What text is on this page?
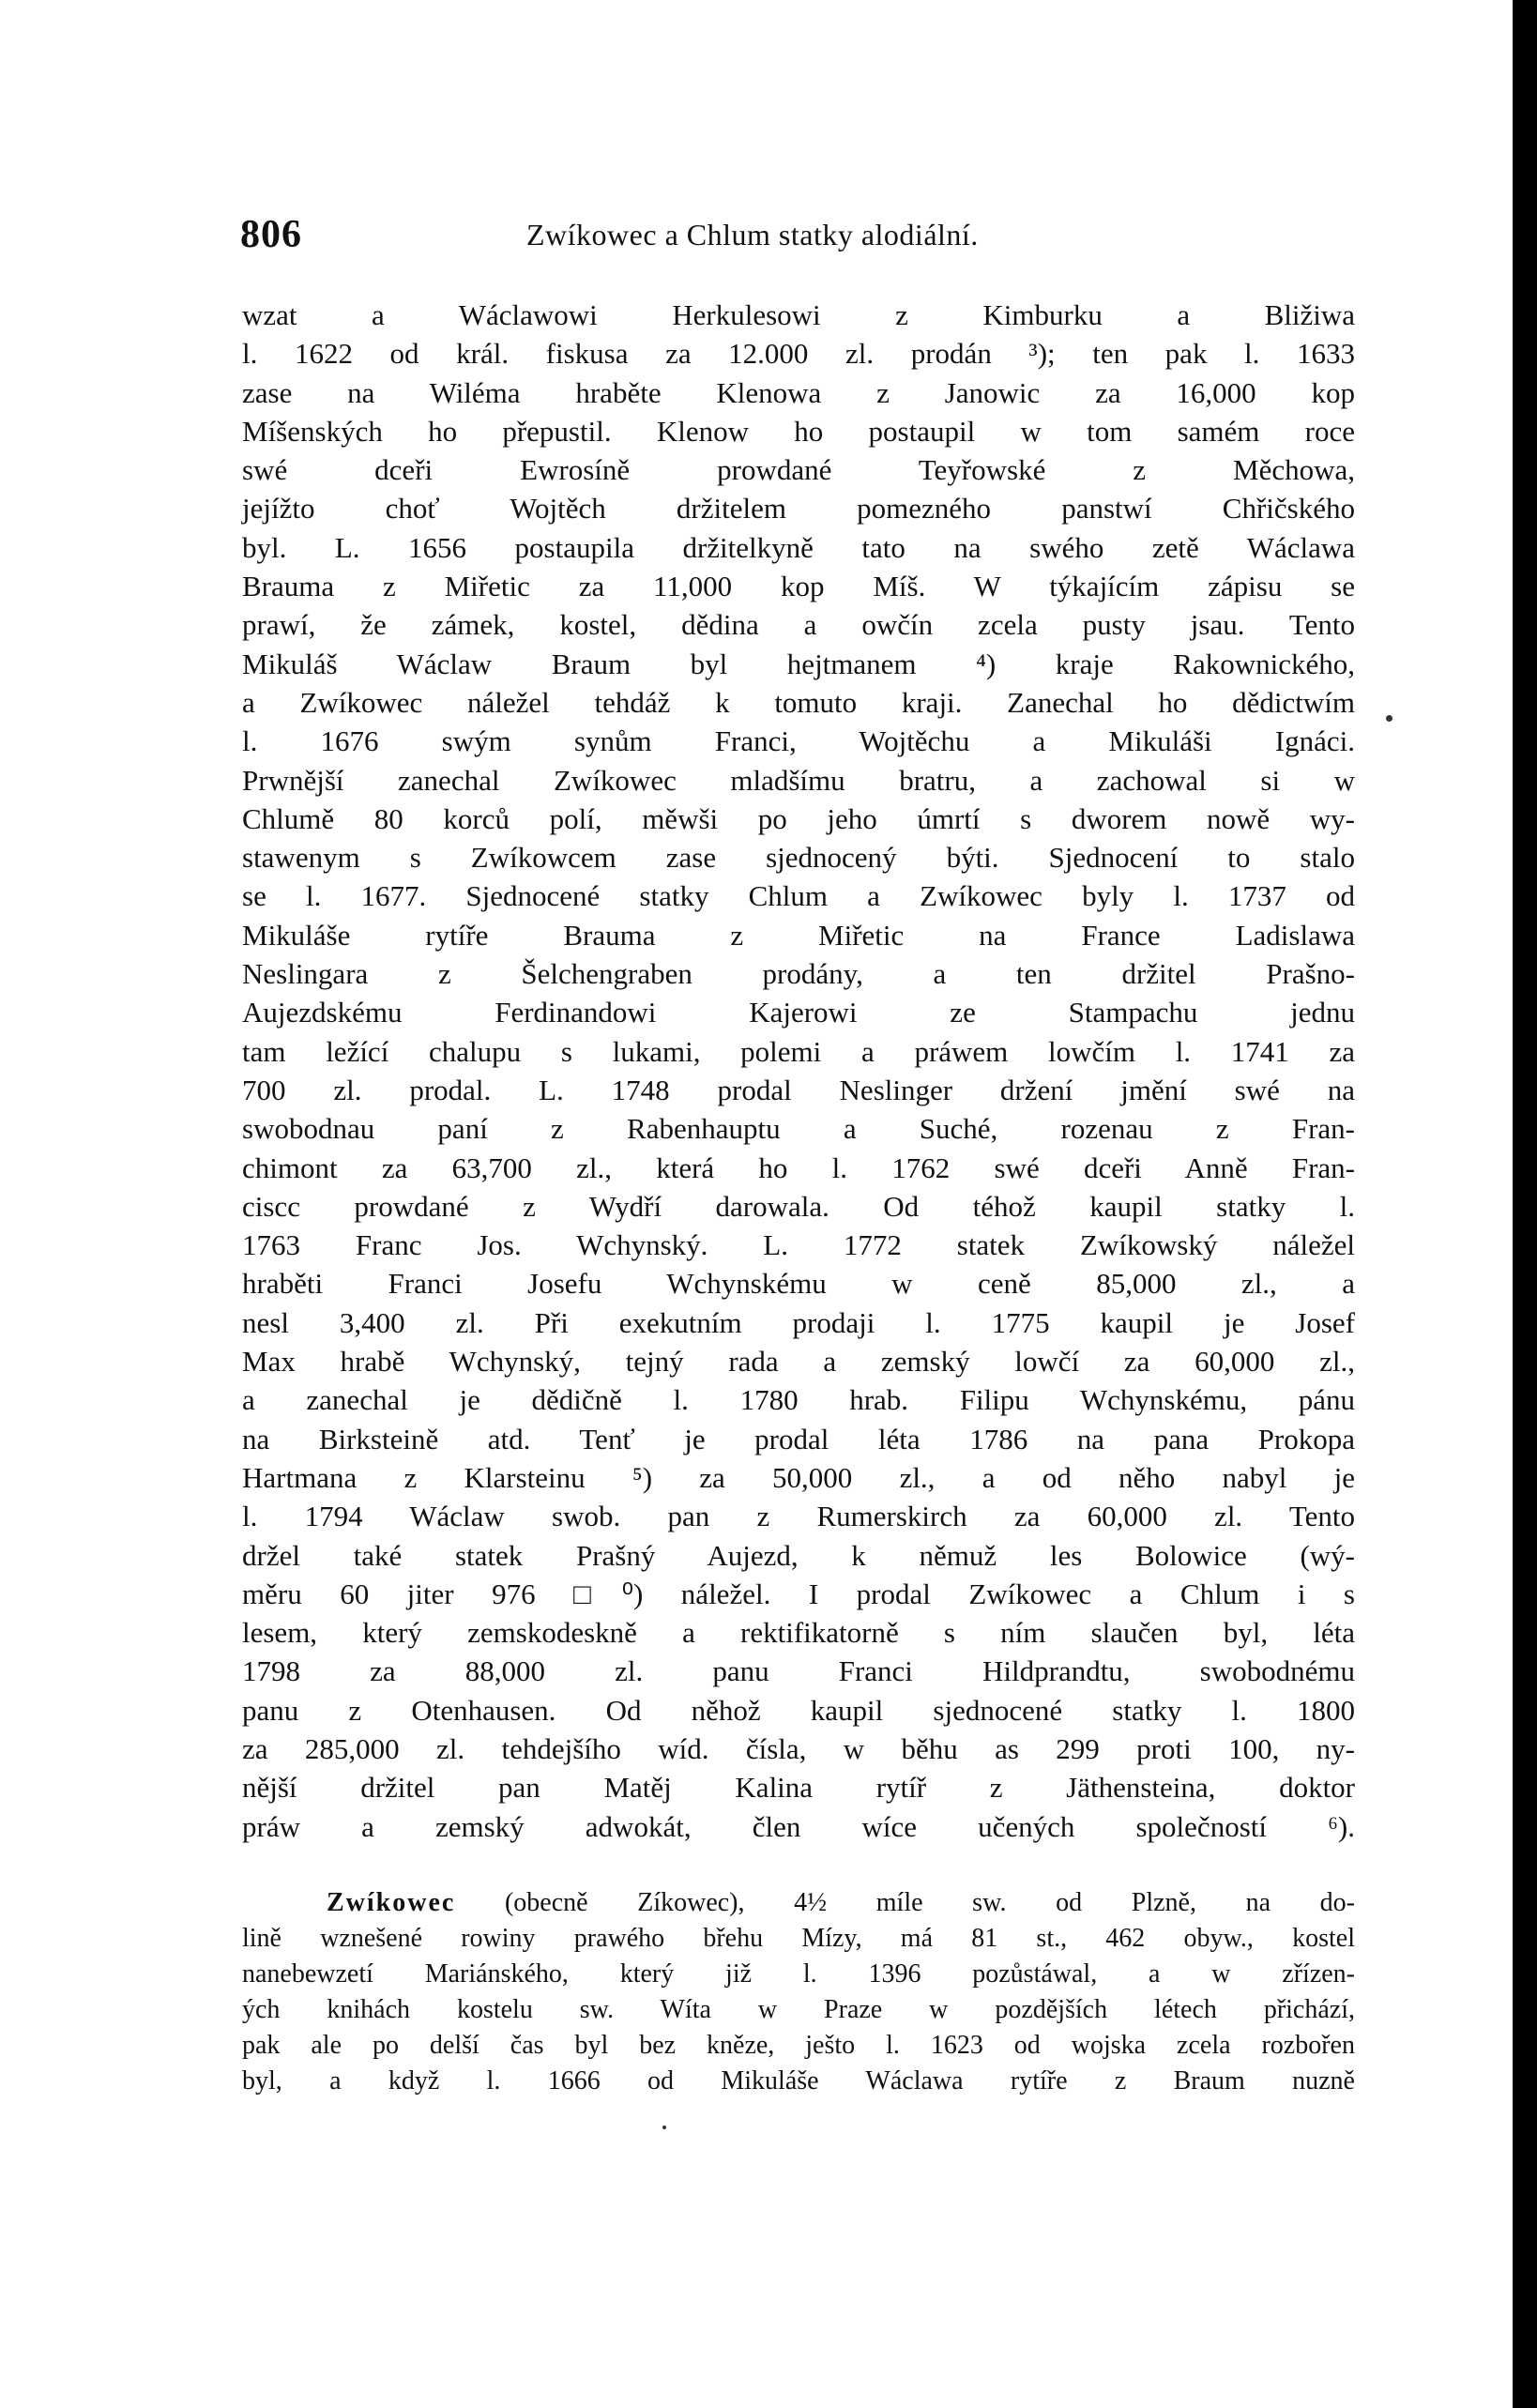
806	Zwíkowec a Chlum statky alodiální.

wzat a Wáclawowi Herkulesowi z Kimburku a Bližiwa
l. 1622 od král. fiskusa za 12.000 zl. prodán ³); ten pak l. 1633
zase na Wiléma hraběte Klenowa z Janowic za 16,000 kop
Míšenských ho přepustil. Klenow ho postaupil w tom samém roce
swé dceři Ewrosíně prowdané Teyřowské z Měchowa,
jejížto choť Wojtěch držitelem pomezného panstwí Chřičského
byl. L. 1656 postaupila držitelkyně tato na swého zetě Wáclawa
Brauma z Miřetic za 11,000 kop Míš. W týkajícím zápisu se
prawí, že zámek, kostel, dědina a owčín zcela pusty jsau. Tento
Mikuláš Wáclaw Braum byl hejtmanem ⁴) kraje Rakownického,
a Zwíkowec náležel tehdáž k tomuto kraji. Zanechal ho dědictwím
l. 1676 swým synům Franci, Wojtěchu a Mikuláši Ignáci.
Prwnější zanechal Zwíkowec mladšímu bratru, a zachowal si w
Chlumě 80 korců polí, měwši po jeho úmrtí s dworem nowě wy-
stawenym s Zwíkowcem zase sjednocený býti. Sjednocení to stalo
se l. 1677. Sjednocené statky Chlum a Zwíkowec byly l. 1737 od
Mikuláše rytíře Brauma z Miřetic na France Ladislawa
Neslingara z Šelchengraben prodány, a ten držitel Prašno-
Aujezdskému Ferdinandowi Kajerowi ze Stampachu jednu
tam ležící chalupu s lukami, polemi a práwem lowčím l. 1741 za
700 zl. prodal. L. 1748 prodal Neslinger držení jmění swé na
swobodnau paní z Rabenhauptu a Suché, rozenau z Fran-
chimont za 63,700 zl., která ho l. 1762 swé dceři Anně Fran-
ciscc prowdané z Wydří darowala. Od téhož kaupil statky l.
1763 Franc Jos. Wchynský. L. 1772 statek Zwíkowský náležel
hraběti Franci Josefu Wchynskému w ceně 85,000 zl., a
nesl 3,400 zl. Při exekutním prodaji l. 1775 kaupil je Josef
Max hrabě Wchynský, tejný rada a zemský lowčí za 60,000 zl.,
a zanechal je dědičně l. 1780 hrab. Filipu Wchynskému, pánu
na Birksteině atd. Tenť je prodal léta 1786 na pana Prokopa
Hartmana z Klarsteinu ⁵) za 50,000 zl., a od něho nabyl je
l. 1794 Wáclaw swob. pan z Rumerskirch za 60,000 zl. Tento
držel také statek Prašný Aujezd, k němuž les Bolowice (wý-
měru 60 jiter 976 □⁰) náležel. I prodal Zwíkowec a Chlum i s
lesem, který zemskodeskně a rektifikatorně s ním slaučen byl, léta
1798 za 88,000 zl. panu Franci Hildprandtu, swobodnému
panu z Otenhausen. Od něhož kaupil sjednocené statky l. 1800
za 285,000 zl. tehdejšího wíd. čísla, w běhu as 299 proti 100, ny-
nější držitel pan Matěj Kalina rytíř z Jäthensteina, doktor
práw a zemský adwokát, člen wíce učených společností ⁶).

Zwíkowec (obecně Zíkowec), 4½ míle sw. od Plzně, na do-
lině wznešené rowiny prawého břehu Mízy, má 81 st., 462 obyw., kostel
nanebewzetí Mariánského, který již l. 1396 pozůstáwal, a w zřízen-
ých knihách kostelu sw. Wíta w Praze w pozdějších létech přichází,
pak ale po delší čas byl bez kněze, ješto l. 1623 od wojska zcela rozbořen
byl, a když l. 1666 od Mikuláše Wáclawa rytíře z Braum nuzně
